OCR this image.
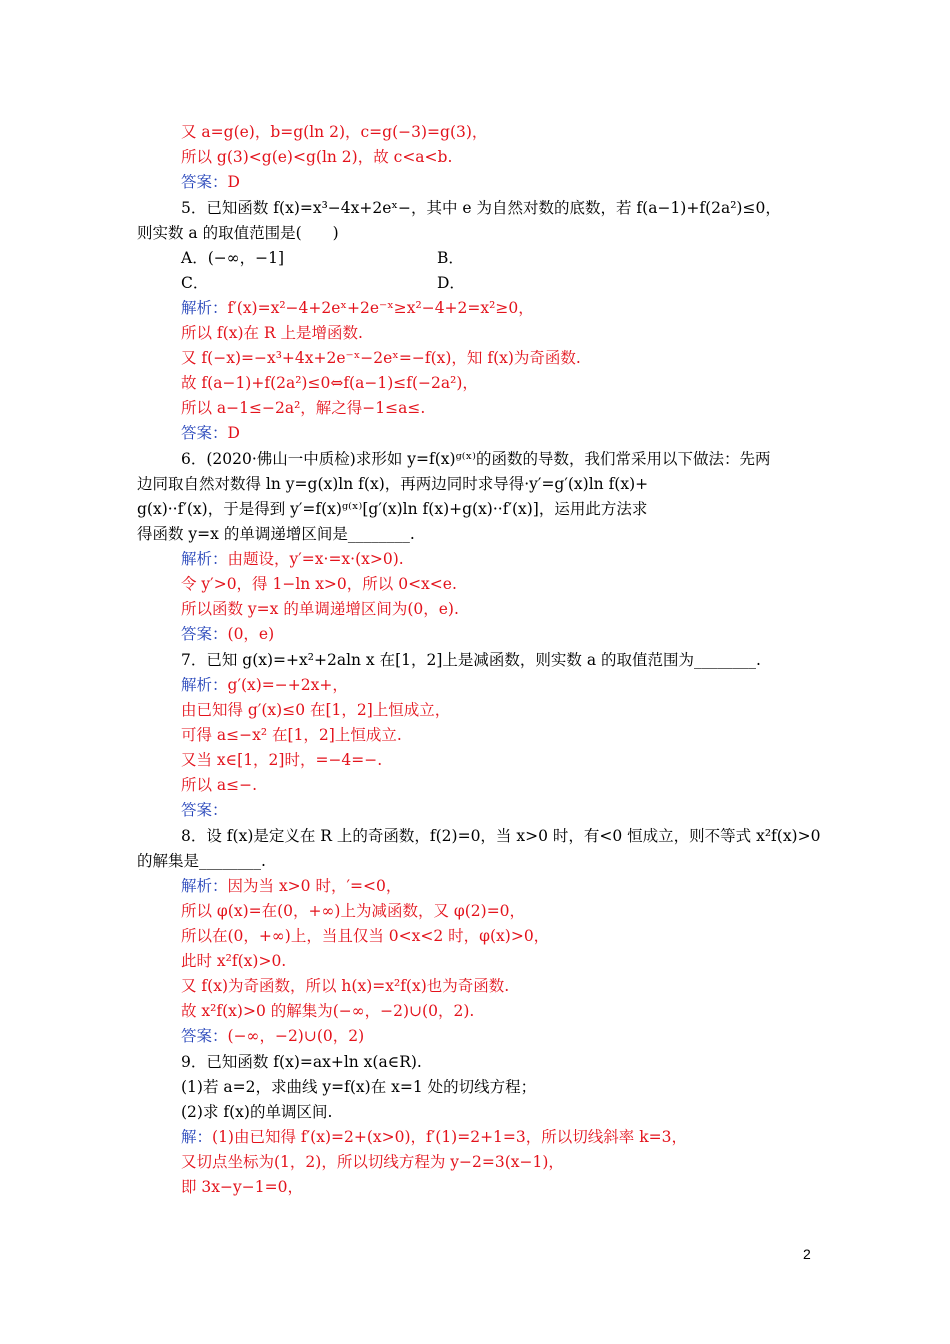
又 a=g(e)，b=g(ln 2)，c=g(−3)=g(3)，
所以 g(3)<g(e)<g(ln 2)，故 c<a<b.
答案：D
5．已知函数 f(x)=x³−4x+2eˣ−，其中 e 为自然对数的底数，若 f(a−1)+f(2a²)≤0，
则实数 a 的取值范围是(　　)
A．(−∞，−1]	B．
C．	D．
解析：f′(x)=x²−4+2eˣ+2e⁻ˣ≥x²−4+2=x²≥0，
所以 f(x)在 R 上是增函数.
又 f(−x)=−x³+4x+2e⁻ˣ−2eˣ=−f(x)，知 f(x)为奇函数.
故 f(a−1)+f(2a²)≤0⇔f(a−1)≤f(−2a²)，
所以 a−1≤−2a²，解之得−1≤a≤.
答案：D
6．(2020·佛山一中质检)求形如 y=f(x)ᵍ⁽ˣ⁾的函数的导数，我们常采用以下做法：先两
边同取自然对数得 ln y=g(x)ln f(x)，再两边同时求导得·y′=g′(x)ln f(x)+
g(x)··f′(x)，于是得到 y′=f(x)ᵍ⁽ˣ⁾[g′(x)ln f(x)+g(x)··f′(x)]，运用此方法求
得函数 y=x 的单调递增区间是________.
解析：由题设，y′=x·=x·(x>0).
令 y′>0，得 1−ln x>0，所以 0<x<e.
所以函数 y=x 的单调递增区间为(0，e).
答案：(0，e)
7．已知 g(x)=+x²+2aln x 在[1，2]上是减函数，则实数 a 的取值范围为________.
解析：g′(x)=−+2x+，
由已知得 g′(x)≤0 在[1，2]上恒成立，
可得 a≤−x² 在[1，2]上恒成立.
又当 x∈[1，2]时，=−4=−.
所以 a≤−.
答案：
8．设 f(x)是定义在 R 上的奇函数，f(2)=0，当 x>0 时，有<0 恒成立，则不等式 x²f(x)>0
的解集是________.
解析：因为当 x>0 时，′=<0，
所以 φ(x)=在(0，+∞)上为减函数，又 φ(2)=0，
所以在(0，+∞)上，当且仅当 0<x<2 时，φ(x)>0，
此时 x²f(x)>0.
又 f(x)为奇函数，所以 h(x)=x²f(x)也为奇函数.
故 x²f(x)>0 的解集为(−∞，−2)∪(0，2).
答案：(−∞，−2)∪(0，2)
9．已知函数 f(x)=ax+ln x(a∈R).
(1)若 a=2，求曲线 y=f(x)在 x=1 处的切线方程；
(2)求 f(x)的单调区间.
解：(1)由已知得 f′(x)=2+(x>0)，f′(1)=2+1=3，所以切线斜率 k=3，
又切点坐标为(1，2)，所以切线方程为 y−2=3(x−1)，
即 3x−y−1=0，
2
